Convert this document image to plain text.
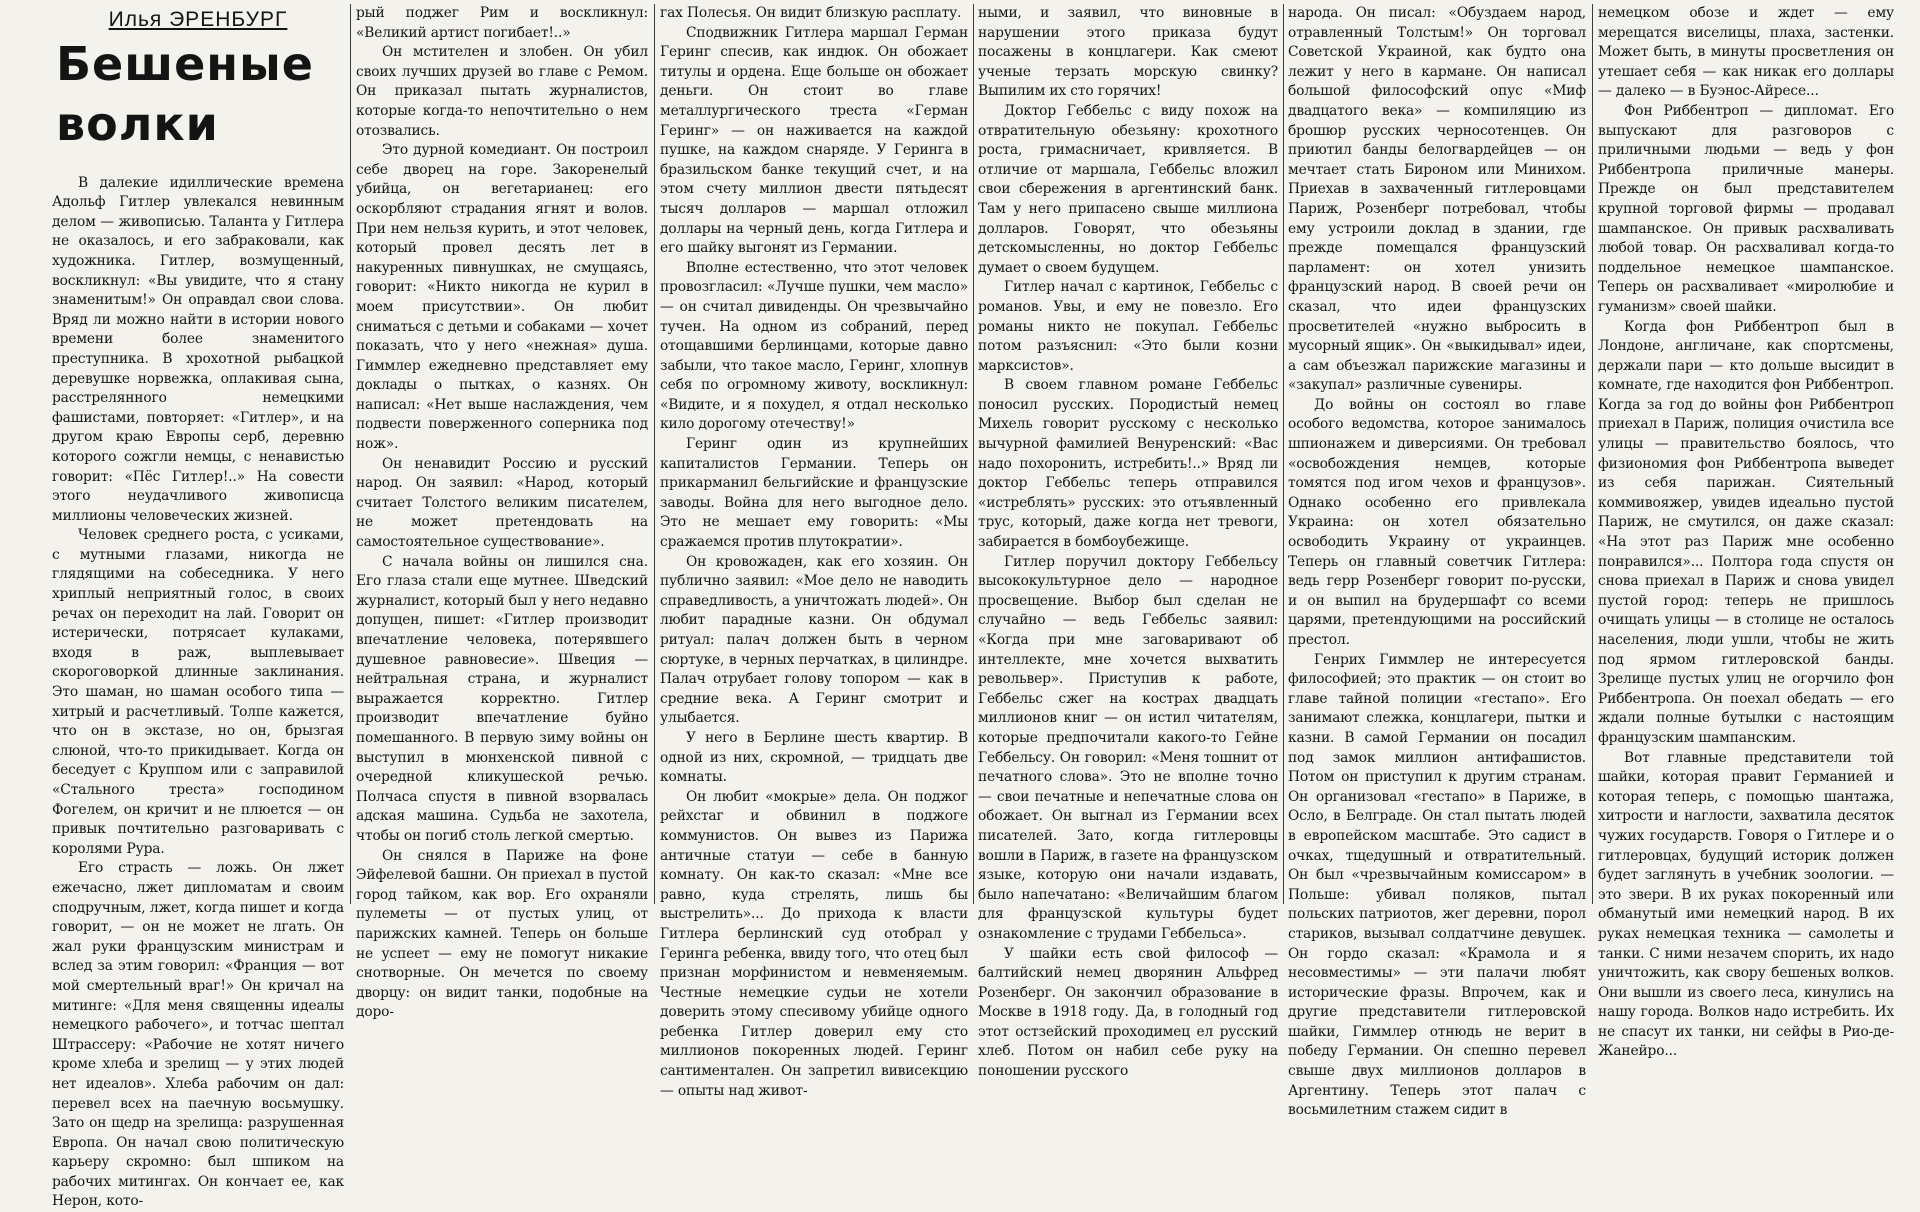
Илья ЭРЕНБУРГ
Бешеные волки

В далекие идиллические времена Адольф Гитлер увлекался невинным делом — живописью. Таланта у Гитлера не оказалось, и его забраковали, как художника. Гитлер, возмущенный, воскликнул: «Вы увидите, что я стану знаменитым!» Он оправдал свои слова. Вряд ли можно найти в истории нового времени более знаменитого преступника. В хрохотной рыбацкой деревушке норвежка, оплакивая сына, расстрелянного немецкими фашистами, повторяет: «Гитлер», и на другом краю Европы серб, деревню которого сожгли немцы, с ненавистью говорит: «Пёс Гитлер!..» На совести этого неудачливого живописца миллионы человеческих жизней.

Человек среднего роста, с усиками, с мутными глазами, никогда не глядящими на собеседника. У него хриплый неприятный голос, в своих речах он переходит на лай. Говорит он истерически, потрясает кулаками, входя в раж, выплевывает скороговоркой длинные заклинания. Это шаман, но шаман особого типа — хитрый и расчетливый. Толпе кажется, что он в экстазе, но он, брызгая слюной, что-то прикидывает. Когда он беседует с Круппом или с заправилой «Стального треста» господином Фогелем, он кричит и не плюется — он привык почтительно разговаривать с королями Рура.

Его страсть — ложь. Он лжет ежечасно, лжет дипломатам и своим сподручным, лжет, когда пишет и когда говорит, — он не может не лгать. Он жал руки французским министрам и вслед за этим говорил: «Франция — вот мой смертельный враг!» Он кричал на митинге: «Для меня священны идеалы немецкого рабочего», и тотчас шептал Штрассеру: «Рабочие не хотят ничего кроме хлеба и зрелищ — у этих людей нет идеалов». Хлеба рабочим он дал: перевел всех на паечную восьмушку. Зато он щедр на зрелища: разрушенная Европа. Он начал свою политическую карьеру скромно: был шпиком на рабочих митингах. Он кончает ее, как Нерон, кото-

рый поджег Рим и воскликнул: «Великий артист погибает!..»

Он мстителен и злобен. Он убил своих лучших друзей во главе с Ремом. Он приказал пытать журналистов, которые когда-то непочтительно о нем отозвались.

Это дурной комедиант. Он построил себе дворец на горе. Закоренелый убийца, он вегетарианец: его оскорбляют страдания ягнят и волов. При нем нельзя курить, и этот человек, который провел десять лет в накуренных пивнушках, не смущаясь, говорит: «Никто никогда не курил в моем присутствии». Он любит сниматься с детьми и собаками — хочет показать, что у него «нежная» душа. Гиммлер ежедневно представляет ему доклады о пытках, о казнях. Он написал: «Нет выше наслаждения, чем подвести поверженного соперника под нож».

Он ненавидит Россию и русский народ. Он заявил: «Народ, который считает Толстого великим писателем, не может претендовать на самостоятельное существование».

С начала войны он лишился сна. Его глаза стали еще мутнее. Шведский журналист, который был у него недавно допущен, пишет: «Гитлер производит впечатление человека, потерявшего душевное равновесие». Швеция — нейтральная страна, и журналист выражается корректно. Гитлер производит впечатление буйно помешанного. В первую зиму войны он выступил в мюнхенской пивной с очередной кликушеской речью. Полчаса спустя в пивной взорвалась адская машина. Судьба не захотела, чтобы он погиб столь легкой смертью.

Он снялся в Париже на фоне Эйфелевой башни. Он приехал в пустой город тайком, как вор. Его охраняли пулеметы — от пустых улиц, от парижских камней. Теперь он больше не успеет — ему не помогут никакие снотворные. Он мечется по своему дворцу: он видит танки, подобные на доро-

гах Полесья. Он видит близкую расплату.

Сподвижник Гитлера маршал Герман Геринг спесив, как индюк. Он обожает титулы и ордена. Еще больше он обожает деньги. Он стоит во главе металлургического треста «Герман Геринг» — он наживается на каждой пушке, на каждом снаряде. У Геринга в бразильском банке текущий счет, и на этом счету миллион двести пятьдесят тысяч долларов — маршал отложил доллары на черный день, когда Гитлера и его шайку выгонят из Германии.

Вполне естественно, что этот человек провозгласил: «Лучше пушки, чем масло» — он считал дивиденды. Он чрезвычайно тучен. На одном из собраний, перед отощавшими берлинцами, которые давно забыли, что такое масло, Геринг, хлопнув себя по огромному животу, воскликнул: «Видите, и я похудел, я отдал несколько кило дорогому отечеству!»

Геринг один из крупнейших капиталистов Германии. Теперь он прикарманил бельгийские и французские заводы. Война для него выгодное дело. Это не мешает ему говорить: «Мы сражаемся против плутократии».

Он кровожаден, как его хозяин. Он публично заявил: «Мое дело не наводить справедливость, а уничтожать людей». Он любит парадные казни. Он обдумал ритуал: палач должен быть в черном сюртуке, в черных перчатках, в цилиндре. Палач отрубает голову топором — как в средние века. А Геринг смотрит и улыбается.

У него в Берлине шесть квартир. В одной из них, скромной, — тридцать две комнаты.

Он любит «мокрые» дела. Он поджог рейхстаг и обвинил в поджоге коммунистов. Он вывез из Парижа античные статуи — себе в банную комнату. Он как-то сказал: «Мне все равно, куда стрелять, лишь бы выстрелить»... До прихода к власти Гитлера берлинский суд отобрал у Геринга ребенка, ввиду того, что отец был признан морфинистом и невменяемым. Честные немецкие судьи не хотели доверить этому спесивому убийце одного ребенка Гитлер доверил ему сто миллионов покоренных людей. Геринг сантиментален. Он запретил вивисекцию — опыты над живот-

ными, и заявил, что виновные в нарушении этого приказа будут посажены в концлагери. Как смеют ученые терзать морскую свинку? Выпилим их сто горячих!

Доктор Геббельс с виду похож на отвратительную обезьяну: крохотного роста, гримасничает, кривляется. В отличие от маршала, Геббельс вложил свои сбережения в аргентинский банк. Там у него припасено свыше миллиона долларов. Говорят, что обезьяны детскомысленны, но доктор Геббельс думает о своем будущем.

Гитлер начал с картинок, Геббельс с романов. Увы, и ему не повезло. Его романы никто не покупал. Геббельс потом разъяснил: «Это были козни марксистов».

В своем главном романе Геббельс поносил русских. Породистый немец Михель говорит русскому с несколько вычурной фамилией Венуренский: «Вас надо похоронить, истребить!..» Вряд ли доктор Геббельс теперь отправился «истреблять» русских: это отъявленный трус, который, даже когда нет тревоги, забирается в бомбоубежище.

Гитлер поручил доктору Геббельсу высококультурное дело — народное просвещение. Выбор был сделан не случайно — ведь Геббельс заявил: «Когда при мне заговаривают об интеллекте, мне хочется выхватить револьвер». Приступив к работе, Геббельс сжег на кострах двадцать миллионов книг — он истил читателям, которые предпочитали какого-то Гейне Геббельсу. Он говорил: «Меня тошнит от печатного слова». Это не вполне точно — свои печатные и непечатные слова он обожает. Он выгнал из Германии всех писателей. Зато, когда гитлеровцы вошли в Париж, в газете на французском языке, которую они начали издавать, было напечатано: «Величайшим благом для французской культуры будет ознакомление с трудами Геббельса».

У шайки есть свой философ — балтийский немец дворянин Альфред Розенберг. Он закончил образование в Москве в 1918 году. Да, в голодный год этот остзейский проходимец ел русский хлеб. Потом он набил себе руку на поношении русского

народа. Он писал: «Обуздаем народ, отравленный Толстым!» Он торговал Советской Украиной, как будто она лежит у него в кармане. Он написал большой философский опус «Миф двадцатого века» — компиляцию из брошюр русских черносотенцев. Он приютил банды белогвардейцев — он мечтает стать Бироном или Минихом. Приехав в захваченный гитлеровцами Париж, Розенберг потребовал, чтобы ему устроили доклад в здании, где прежде помещался французский парламент: он хотел унизить французский народ. В своей речи он сказал, что идеи французских просветителей «нужно выбросить в мусорный ящик». Он «выкидывал» идеи, а сам объезжал парижские магазины и «закупал» различные сувениры.

До войны он состоял во главе особого ведомства, которое занималось шпионажем и диверсиями. Он требовал «освобождения немцев, которые томятся под игом чехов и французов». Однако особенно его привлекала Украина: он хотел обязательно освободить Украину от украинцев. Теперь он главный советчик Гитлера: ведь герр Розенберг говорит по-русски, и он выпил на брудершафт со всеми царями, претендующими на российский престол.

Генрих Гиммлер не интересуется философией; это практик — он стоит во главе тайной полиции «гестапо». Его занимают слежка, концлагери, пытки и казни. В самой Германии он посадил под замок миллион антифашистов. Потом он приступил к другим странам. Он организовал «гестапо» в Париже, в Осло, в Белграде. Он стал пытать людей в европейском масштабе. Это садист в очках, тщедушный и отвратительный. Он был «чрезвычайным комиссаром» в Польше: убивал поляков, пытал польских патриотов, жег деревни, порол стариков, вызывал солдатчине девушек. Он гордо сказал: «Крамола и я несовместимы» — эти палачи любят исторические фразы. Впрочем, как и другие представители гитлеровской шайки, Гиммлер отнюдь не верит в победу Германии. Он спешно перевел свыше двух миллионов долларов в Аргентину. Теперь этот палач с восьмилетним стажем сидит в

немецком обозе и ждет — ему мерещатся виселицы, плаха, застенки. Может быть, в минуты просветления он утешает себя — как никак его доллары — далеко — в Буэнос-Айресе...

Фон Риббентроп — дипломат. Его выпускают для разговоров с приличными людьми — ведь у фон Риббентропа приличные манеры. Прежде он был представителем крупной торговой фирмы — продавал шампанское. Он привык расхваливать любой товар. Он расхваливал когда-то поддельное немецкое шампанское. Теперь он расхваливает «миролюбие и гуманизм» своей шайки.

Когда фон Риббентроп был в Лондоне, англичане, как спортсмены, держали пари — кто дольше высидит в комнате, где находится фон Риббентроп. Когда за год до войны фон Риббентроп приехал в Париж, полиция очистила все улицы — правительство боялось, что физиономия фон Риббентропа выведет из себя парижан. Сиятельный коммивояжер, увидев идеально пустой Париж, не смутился, он даже сказал: «На этот раз Париж мне особенно понравился»... Полтора года спустя он снова приехал в Париж и снова увидел пустой город: теперь не пришлось очищать улицы — в столице не осталось населения, люди ушли, чтобы не жить под ярмом гитлеровской банды. Зрелище пустых улиц не огорчило фон Риббентропа. Он поехал обедать — его ждали полные бутылки с настоящим французским шампанским.

Вот главные представители той шайки, которая правит Германией и которая теперь, с помощью шантажа, хитрости и наглости, захватила десяток чужих государств. Говоря о Гитлере и о гитлеровцах, будущий историк должен будет заглянуть в учебник зоологии. — это звери. В их руках покоренный или обманутый ими немецкий народ. В их руках немецкая техника — самолеты и танки. С ними незачем спорить, их надо уничтожить, как свору бешеных волков. Они вышли из своего леса, кинулись на нашу города. Волков надо истребить. Их не спасут их танки, ни сейфы в Рио-де-Жанейро...
